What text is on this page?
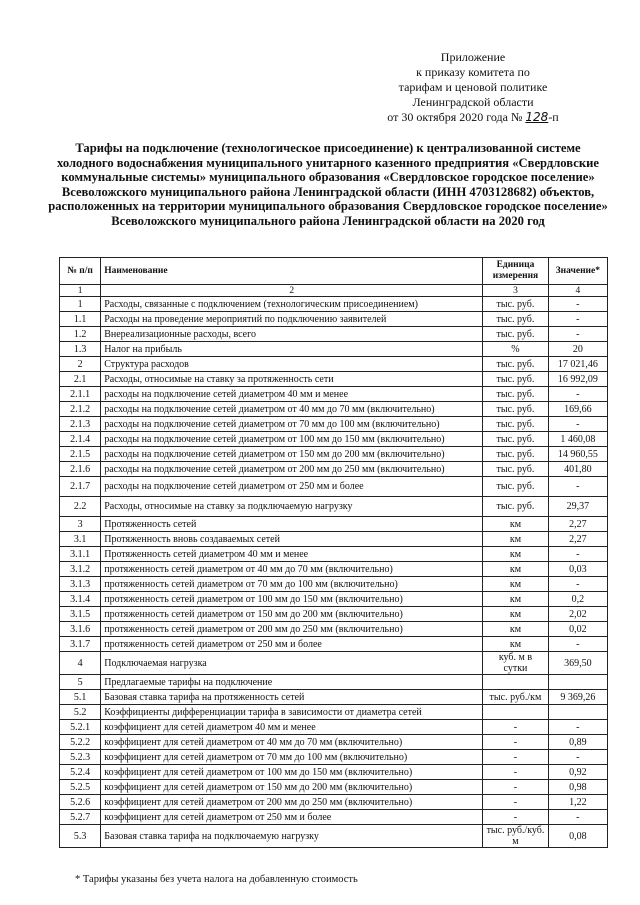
Приложение
к приказу комитета по
тарифам и ценовой политике
Ленинградской области
от 30 октября 2020 года № 128-п
Тарифы на подключение (технологическое присоединение) к централизованной системе холодного водоснабжения муниципального унитарного казенного предприятия «Свердловские коммунальные системы» муниципального образования «Свердловское городское поселение» Всеволожского муниципального района Ленинградской области (ИНН 4703128682) объектов, расположенных на территории муниципального образования Свердловское городское поселение» Всеволожского муниципального района Ленинградской области на 2020 год
№ п/п	Наименование	Единица измерения	Значение*
1	2	3	4
1	Расходы, связанные с подключением (технологическим присоединением)	тыс. руб.	-
1.1	Расходы на проведение мероприятий по подключению заявителей	тыс. руб.	-
1.2	Внереализационные расходы, всего	тыс. руб.	-
1.3	Налог на прибыль	%	20
2	Структура расходов	тыс. руб.	17 021,46
2.1	Расходы, относимые на ставку за протяженность сети	тыс. руб.	16 992,09
2.1.1	расходы на подключение сетей диаметром 40 мм и менее	тыс. руб.	-
2.1.2	расходы на подключение сетей диаметром от 40 мм до 70 мм (включительно)	тыс. руб.	169,66
2.1.3	расходы на подключение сетей диаметром от 70 мм до 100 мм (включительно)	тыс. руб.	-
2.1.4	расходы на подключение сетей диаметром от 100 мм до 150 мм (включительно)	тыс. руб.	1 460,08
2.1.5	расходы на подключение сетей диаметром от 150 мм до 200 мм (включительно)	тыс. руб.	14 960,55
2.1.6	расходы на подключение сетей диаметром от 200 мм до 250 мм (включительно)	тыс. руб.	401,80
2.1.7	расходы на подключение сетей диаметром от 250 мм и более	тыс. руб.	-
2.2	Расходы, относимые на ставку за подключаемую нагрузку	тыс. руб.	29,37
3	Протяженность сетей	км	2,27
3.1	Протяженность вновь создаваемых сетей	км	2,27
3.1.1	Протяженность сетей диаметром 40 мм и менее	км	-
3.1.2	протяженность сетей диаметром от 40 мм до 70 мм (включительно)	км	0,03
3.1.3	протяженность сетей диаметром от 70 мм до 100 мм (включительно)	км	-
3.1.4	протяженность сетей диаметром от 100 мм до 150 мм (включительно)	км	0,2
3.1.5	протяженность сетей диаметром от 150 мм до 200 мм (включительно)	км	2,02
3.1.6	протяженность сетей диаметром от 200 мм до 250 мм (включительно)	км	0,02
3.1.7	протяженность сетей диаметром от 250 мм и более	км	-
4	Подключаемая нагрузка	куб. м в сутки	369,50
5	Предлагаемые тарифы на подключение		
5.1	Базовая ставка тарифа на протяженность сетей	тыс. руб./км	9 369,26
5.2	Коэффициенты дифференциации тарифа в зависимости от диаметра сетей		
5.2.1	коэффициент для сетей диаметром 40 мм и менее	-	-
5.2.2	коэффициент для сетей диаметром от 40 мм до 70 мм (включительно)	-	0,89
5.2.3	коэффициент для сетей диаметром от 70 мм до 100 мм (включительно)	-	-
5.2.4	коэффициент для сетей диаметром от 100 мм до 150 мм (включительно)	-	0,92
5.2.5	коэффициент для сетей диаметром от 150 мм до 200 мм (включительно)	-	0,98
5.2.6	коэффициент для сетей диаметром от 200 мм до 250 мм (включительно)	-	1,22
5.2.7	коэффициент для сетей диаметром от 250 мм и более	-	-
5.3	Базовая ставка тарифа на подключаемую нагрузку	тыс. руб./куб. м	0,08
* Тарифы указаны без учета налога на добавленную стоимость
